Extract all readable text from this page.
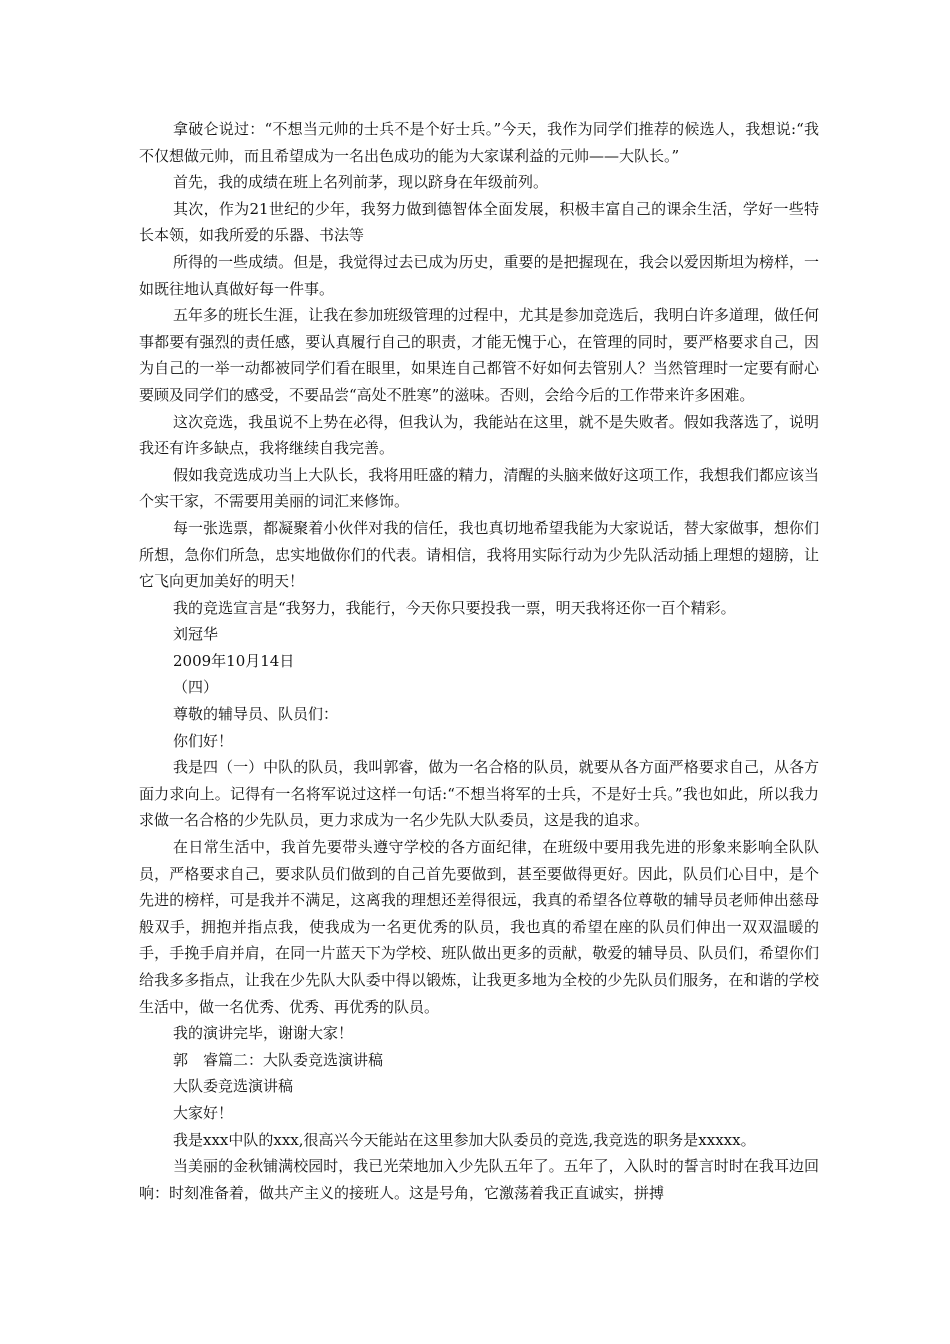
拿破仑说过：“不想当元帅的士兵不是个好士兵。”今天，我作为同学们推荐的候选人，我想说:“我不仅想做元帅，而且希望成为一名出色成功的能为大家谋利益的元帅——大队长。”

首先，我的成绩在班上名列前茅，现以跻身在年级前列。

其次，作为21世纪的少年，我努力做到德智体全面发展，积极丰富自己的课余生活，学好一些特长本领，如我所爱的乐器、书法等

所得的一些成绩。但是，我觉得过去已成为历史，重要的是把握现在，我会以爱因斯坦为榜样，一如既往地认真做好每一件事。

五年多的班长生涯，让我在参加班级管理的过程中，尤其是参加竞选后，我明白许多道理，做任何事都要有强烈的责任感，要认真履行自己的职责，才能无愧于心，在管理的同时，要严格要求自己，因为自己的一举一动都被同学们看在眼里，如果连自己都管不好如何去管别人？当然管理时一定要有耐心要顾及同学们的感受，不要品尝“高处不胜寒”的滋味。否则，会给今后的工作带来许多困难。

这次竞选，我虽说不上势在必得，但我认为，我能站在这里，就不是失败者。假如我落选了，说明我还有许多缺点，我将继续自我完善。

假如我竞选成功当上大队长，我将用旺盛的精力，清醒的头脑来做好这项工作，我想我们都应该当个实干家，不需要用美丽的词汇来修饰。

每一张选票，都凝聚着小伙伴对我的信任，我也真切地希望我能为大家说话，替大家做事，想你们所想，急你们所急，忠实地做你们的代表。请相信，我将用实际行动为少先队活动插上理想的翅膀，让它飞向更加美好的明天！

我的竞选宣言是“我努力，我能行，今天你只要投我一票，明天我将还你一百个精彩。

刘冠华

2009年10月14日

（四）

尊敬的辅导员、队员们：

你们好！

我是四（一）中队的队员，我叫郭睿，做为一名合格的队员，就要从各方面严格要求自己，从各方面力求向上。记得有一名将军说过这样一句话:“不想当将军的士兵，不是好士兵。”我也如此，所以我力求做一名合格的少先队员，更力求成为一名少先队大队委员，这是我的追求。

在日常生活中，我首先要带头遵守学校的各方面纪律，在班级中要用我先进的形象来影响全队队员，严格要求自己，要求队员们做到的自己首先要做到，甚至要做得更好。因此，队员们心目中，是个先进的榜样，可是我并不满足，这离我的理想还差得很远，我真的希望各位尊敬的辅导员老师伸出慈母般双手，拥抱并指点我，使我成为一名更优秀的队员，我也真的希望在座的队员们伸出一双双温暖的手，手挽手肩并肩，在同一片蓝天下为学校、班队做出更多的贡献，敬爱的辅导员、队员们，希望你们给我多多指点，让我在少先队大队委中得以锻炼，让我更多地为全校的少先队员们服务，在和谐的学校生活中，做一名优秀、优秀、再优秀的队员。

我的演讲完毕，谢谢大家！

郭　睿篇二：大队委竞选演讲稿

大队委竞选演讲稿

大家好！

我是xxx中队的xxx,很高兴今天能站在这里参加大队委员的竞选,我竞选的职务是xxxxx。

当美丽的金秋铺满校园时，我已光荣地加入少先队五年了。五年了，入队时的誓言时时在我耳边回响：时刻准备着，做共产主义的接班人。这是号角，它激荡着我正直诚实，拼搏
